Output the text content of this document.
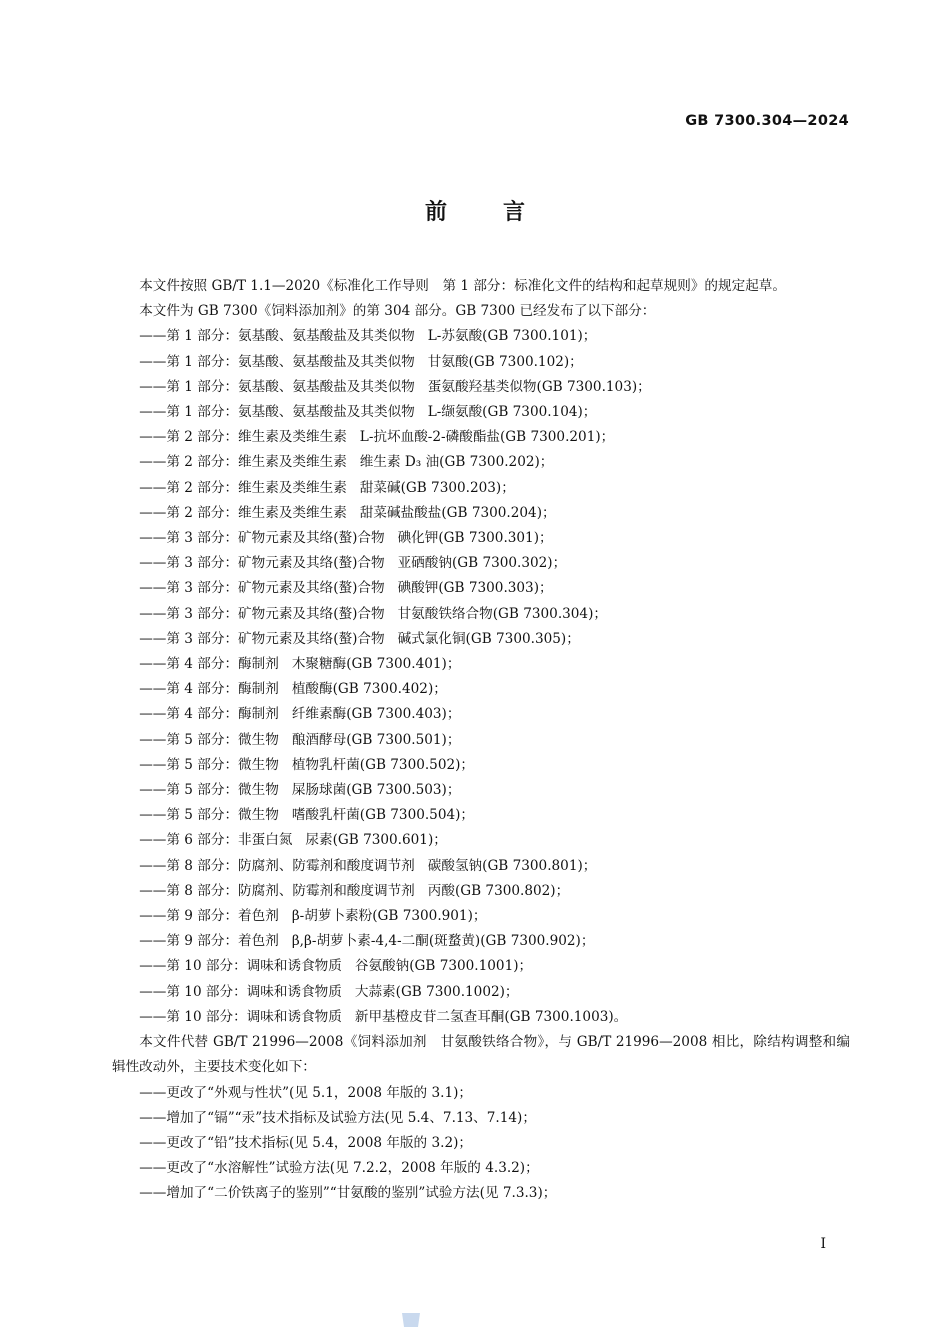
GB 7300.304—2024
前	言

本文件按照 GB/T 1.1—2020《标准化工作导则　第 1 部分：标准化文件的结构和起草规则》的规定起草。

本文件为 GB 7300《饲料添加剂》的第 304 部分。GB 7300 已经发布了以下部分：

——第 1 部分：氨基酸、氨基酸盐及其类似物 L-苏氨酸(GB 7300.101)；

——第 1 部分：氨基酸、氨基酸盐及其类似物 甘氨酸(GB 7300.102)；

——第 1 部分：氨基酸、氨基酸盐及其类似物 蛋氨酸羟基类似物(GB 7300.103)；

——第 1 部分：氨基酸、氨基酸盐及其类似物 L-缬氨酸(GB 7300.104)；

——第 2 部分：维生素及类维生素 L-抗坏血酸-2-磷酸酯盐(GB 7300.201)；

——第 2 部分：维生素及类维生素 维生素 D₃ 油(GB 7300.202)；

——第 2 部分：维生素及类维生素 甜菜碱(GB 7300.203)；

——第 2 部分：维生素及类维生素 甜菜碱盐酸盐(GB 7300.204)；

——第 3 部分：矿物元素及其络(螯)合物 碘化钾(GB 7300.301)；

——第 3 部分：矿物元素及其络(螯)合物 亚硒酸钠(GB 7300.302)；

——第 3 部分：矿物元素及其络(螯)合物 碘酸钾(GB 7300.303)；

——第 3 部分：矿物元素及其络(螯)合物 甘氨酸铁络合物(GB 7300.304)；

——第 3 部分：矿物元素及其络(螯)合物 碱式氯化铜(GB 7300.305)；

——第 4 部分：酶制剂 木聚糖酶(GB 7300.401)；

——第 4 部分：酶制剂 植酸酶(GB 7300.402)；

——第 4 部分：酶制剂 纤维素酶(GB 7300.403)；

——第 5 部分：微生物 酿酒酵母(GB 7300.501)；

——第 5 部分：微生物 植物乳杆菌(GB 7300.502)；

——第 5 部分：微生物 屎肠球菌(GB 7300.503)；

——第 5 部分：微生物 嗜酸乳杆菌(GB 7300.504)；

——第 6 部分：非蛋白氮 尿素(GB 7300.601)；

——第 8 部分：防腐剂、防霉剂和酸度调节剂 碳酸氢钠(GB 7300.801)；

——第 8 部分：防腐剂、防霉剂和酸度调节剂 丙酸(GB 7300.802)；

——第 9 部分：着色剂 β-胡萝卜素粉(GB 7300.901)；

——第 9 部分：着色剂 β,β-胡萝卜素-4,4-二酮(斑蝥黄)(GB 7300.902)；

——第 10 部分：调味和诱食物质 谷氨酸钠(GB 7300.1001)；

——第 10 部分：调味和诱食物质 大蒜素(GB 7300.1002)；

——第 10 部分：调味和诱食物质 新甲基橙皮苷二氢查耳酮(GB 7300.1003)。

本文件代替 GB/T 21996—2008《饲料添加剂　甘氨酸铁络合物》，与 GB/T 21996—2008 相比，除结构调整和编辑性改动外，主要技术变化如下：

——更改了“外观与性状”(见 5.1，2008 年版的 3.1)；

——增加了“镉”“汞”技术指标及试验方法(见 5.4、7.13、7.14)；

——更改了“铅”技术指标(见 5.4，2008 年版的 3.2)；

——更改了“水溶解性”试验方法(见 7.2.2，2008 年版的 4.3.2)；

——增加了“二价铁离子的鉴别”“甘氨酸的鉴别”试验方法(见 7.3.3)；

I
